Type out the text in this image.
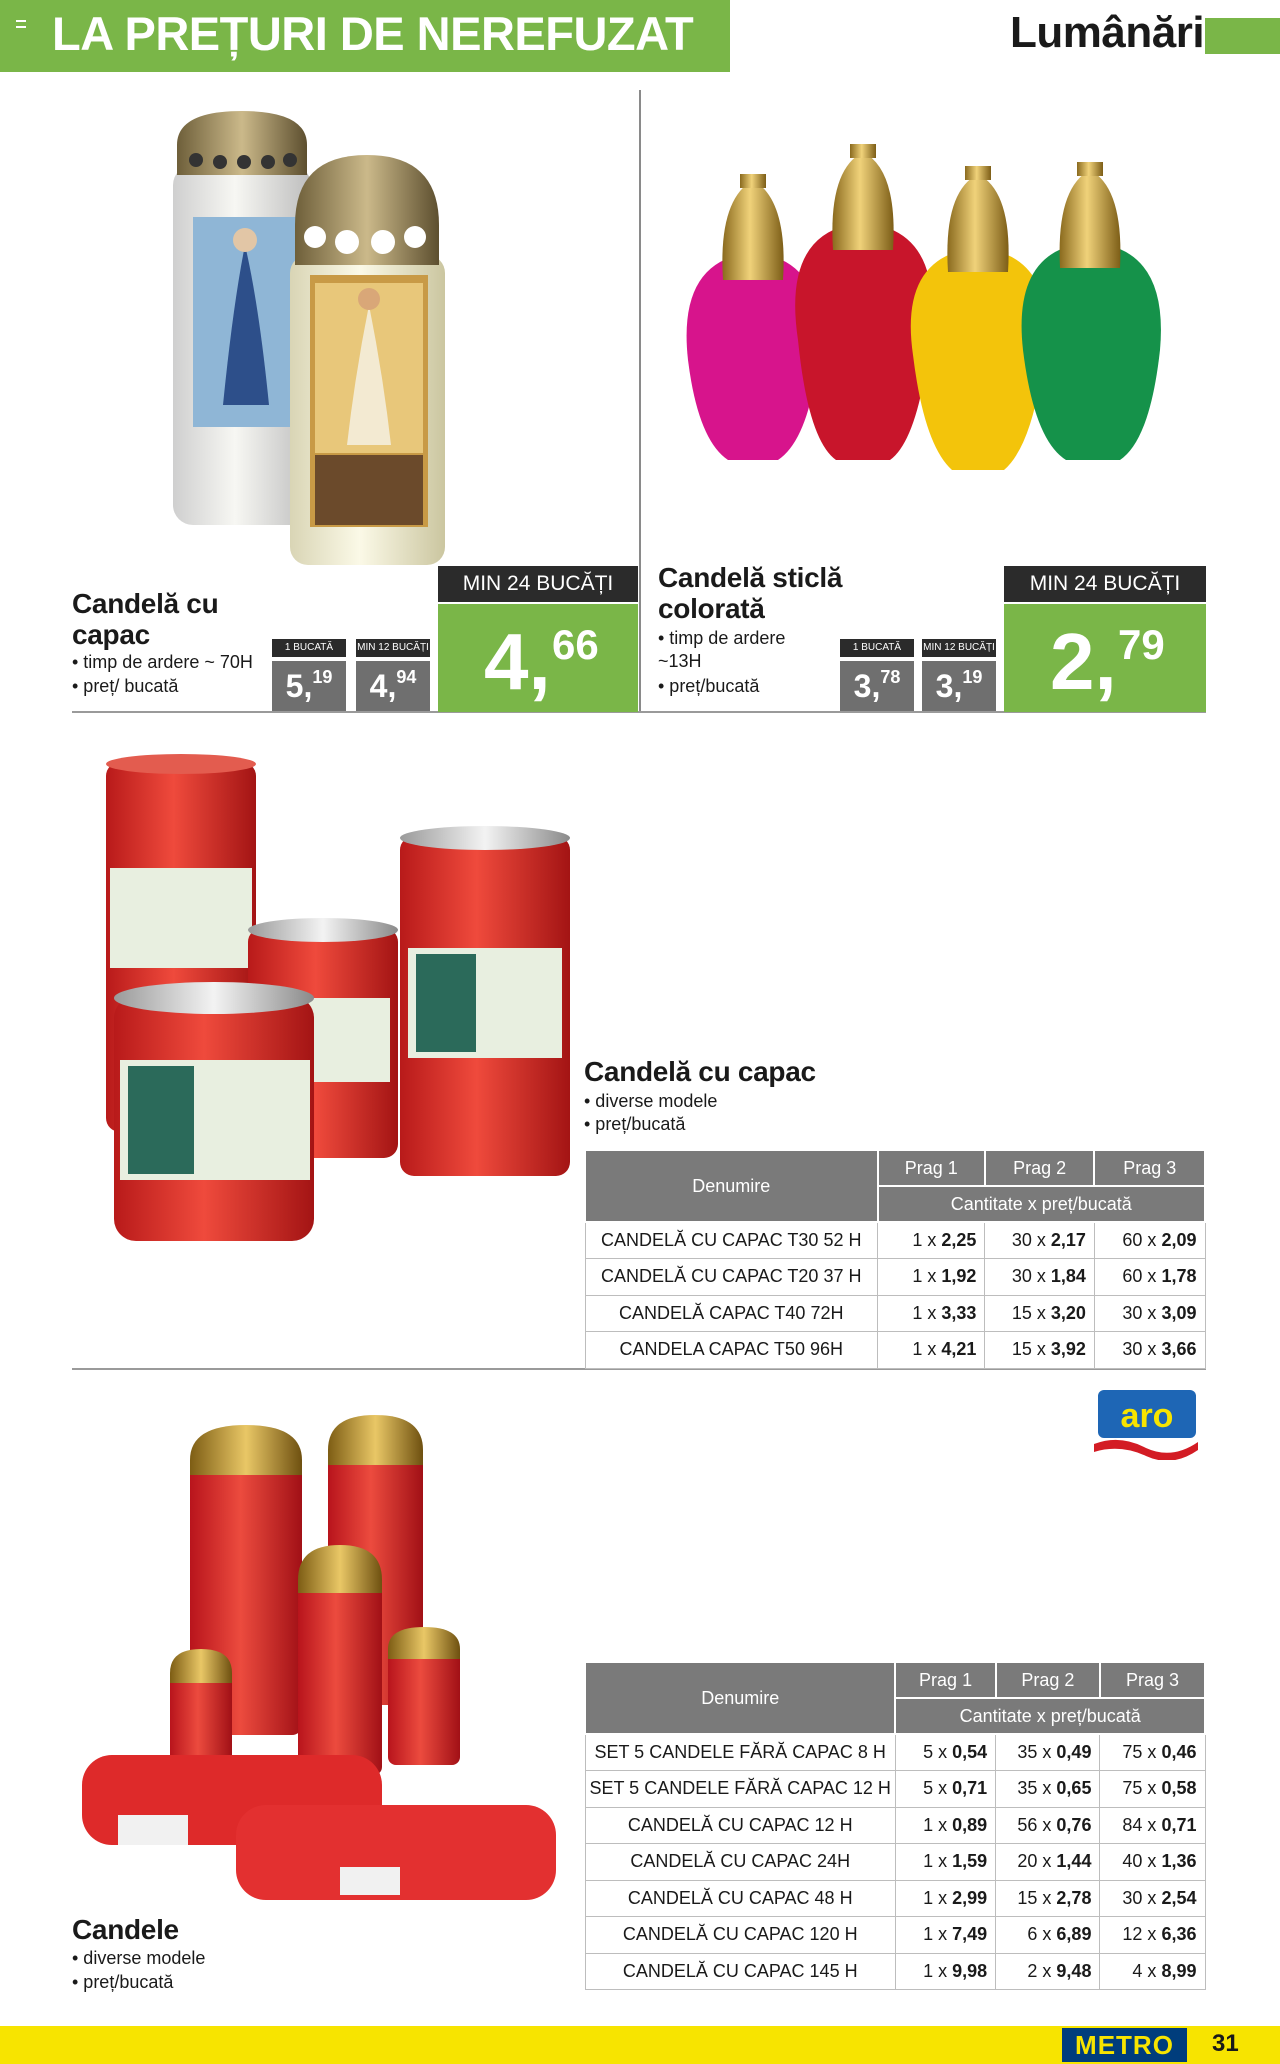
LA PREȚURI DE NEREFUZAT	Lumânări
Candelă cu capac
• timp de ardere ~ 70H
• preț/ bucată
1 BUCATĂ
5,19
MIN 12 BUCĂȚI
4,94
MIN 24 BUCĂȚI
4, 66
Candelă sticlă colorată
• timp de ardere ~13H
• preț/bucată
1 BUCATĂ
3,78
MIN 12 BUCĂȚI
3,19
MIN 24 BUCĂȚI
2, 79
Candelă cu capac
• diverse modele
• preț/bucată
Denumire	Prag 1	Prag 2	Prag 3
	Cantitate x preț/bucată		
CANDELĂ CU CAPAC T30 52 H	1 x 2,25	30 x 2,17	60 x 2,09
CANDELĂ CU CAPAC T20 37 H	1 x 1,92	30 x 1,84	60 x 1,78
CANDELĂ CAPAC T40 72H	1 x 3,33	15 x 3,20	30 x 3,09
CANDELA CAPAC T50 96H	1 x 4,21	15 x 3,92	30 x 3,66
aro
Candele
• diverse modele
• preț/bucată
Denumire	Prag 1	Prag 2	Prag 3
	Cantitate x preț/bucată		
SET 5 CANDELE FĂRĂ CAPAC 8 H	5 x 0,54	35 x 0,49	75 x 0,46
SET 5 CANDELE FĂRĂ CAPAC 12 H	5 x 0,71	35 x 0,65	75 x 0,58
CANDELĂ CU CAPAC 12 H	1 x 0,89	56 x 0,76	84 x 0,71
CANDELĂ CU CAPAC 24H	1 x 1,59	20 x 1,44	40 x 1,36
CANDELĂ CU CAPAC 48 H	1 x 2,99	15 x 2,78	30 x 2,54
CANDELĂ CU CAPAC 120 H	1 x 7,49	6 x 6,89	12 x 6,36
CANDELĂ CU CAPAC 145 H	1 x 9,98	2 x 9,48	4 x 8,99
METRO	31
